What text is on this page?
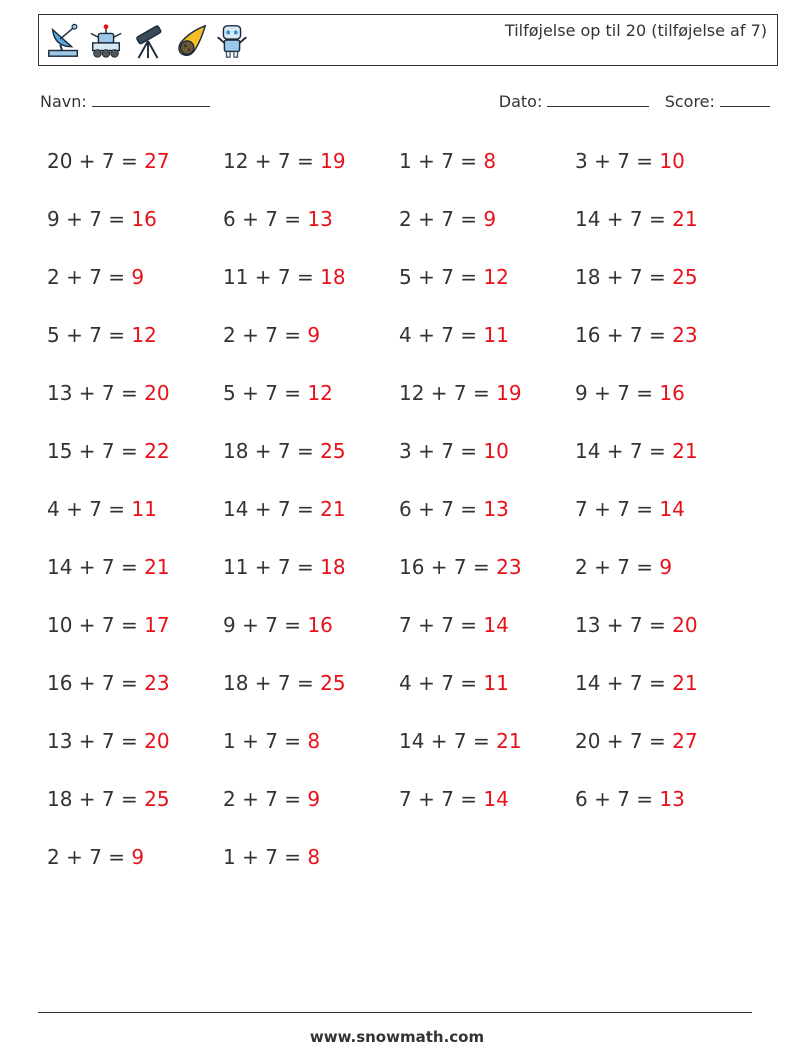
Tilføjelse op til 20 (tilføjelse af 7)
Navn:	Dato:	Score:
20 + 7 = 27	12 + 7 = 19	1 + 7 = 8	3 + 7 = 10
9 + 7 = 16	6 + 7 = 13	2 + 7 = 9	14 + 7 = 21
2 + 7 = 9	11 + 7 = 18	5 + 7 = 12	18 + 7 = 25
5 + 7 = 12	2 + 7 = 9	4 + 7 = 11	16 + 7 = 23
13 + 7 = 20	5 + 7 = 12	12 + 7 = 19	9 + 7 = 16
15 + 7 = 22	18 + 7 = 25	3 + 7 = 10	14 + 7 = 21
4 + 7 = 11	14 + 7 = 21	6 + 7 = 13	7 + 7 = 14
14 + 7 = 21	11 + 7 = 18	16 + 7 = 23	2 + 7 = 9
10 + 7 = 17	9 + 7 = 16	7 + 7 = 14	13 + 7 = 20
16 + 7 = 23	18 + 7 = 25	4 + 7 = 11	14 + 7 = 21
13 + 7 = 20	1 + 7 = 8	14 + 7 = 21	20 + 7 = 27
18 + 7 = 25	2 + 7 = 9	7 + 7 = 14	6 + 7 = 13
2 + 7 = 9	1 + 7 = 8
www.snowmath.com
